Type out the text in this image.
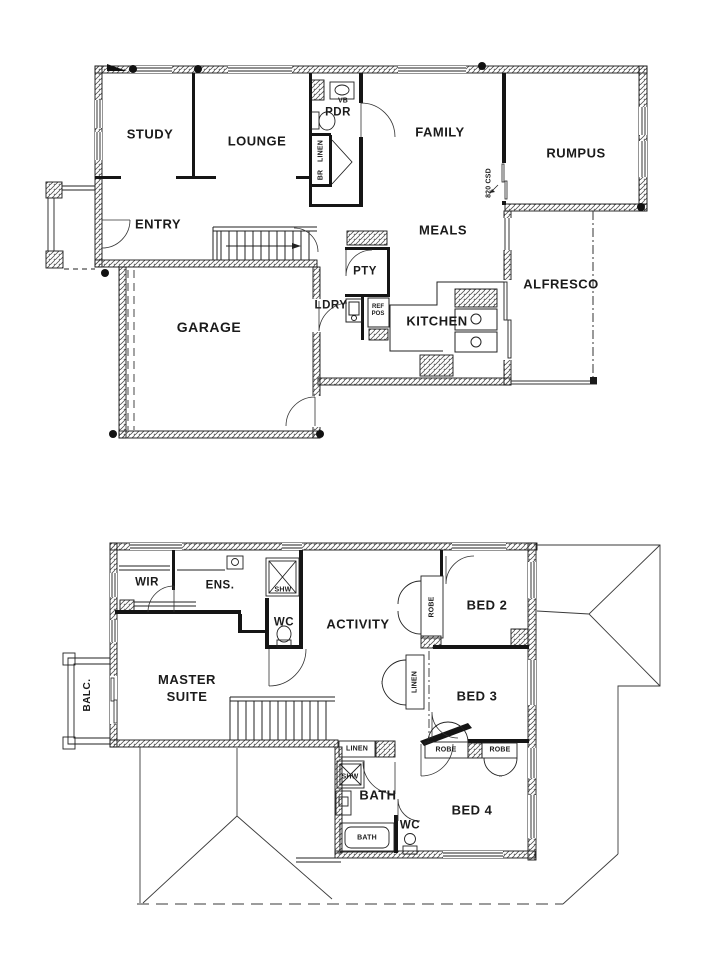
STUDY	LOUNGE
VB
PDR
LINEN
BR
FAMILY
RUMPUS
ENTRY	MEALS
820 CSD
PTY
LDRY	REF POS
ALFRESCO
KITCHEN
GARAGE
WIR	ENS.	SHW
WC ACTIVITY
ROBE BED 2
LINEN
BED 3
MASTER SUITE
BALC.
LINEN	ROBE	ROBE
SHW
BATH
BATH
WC
BED 4
